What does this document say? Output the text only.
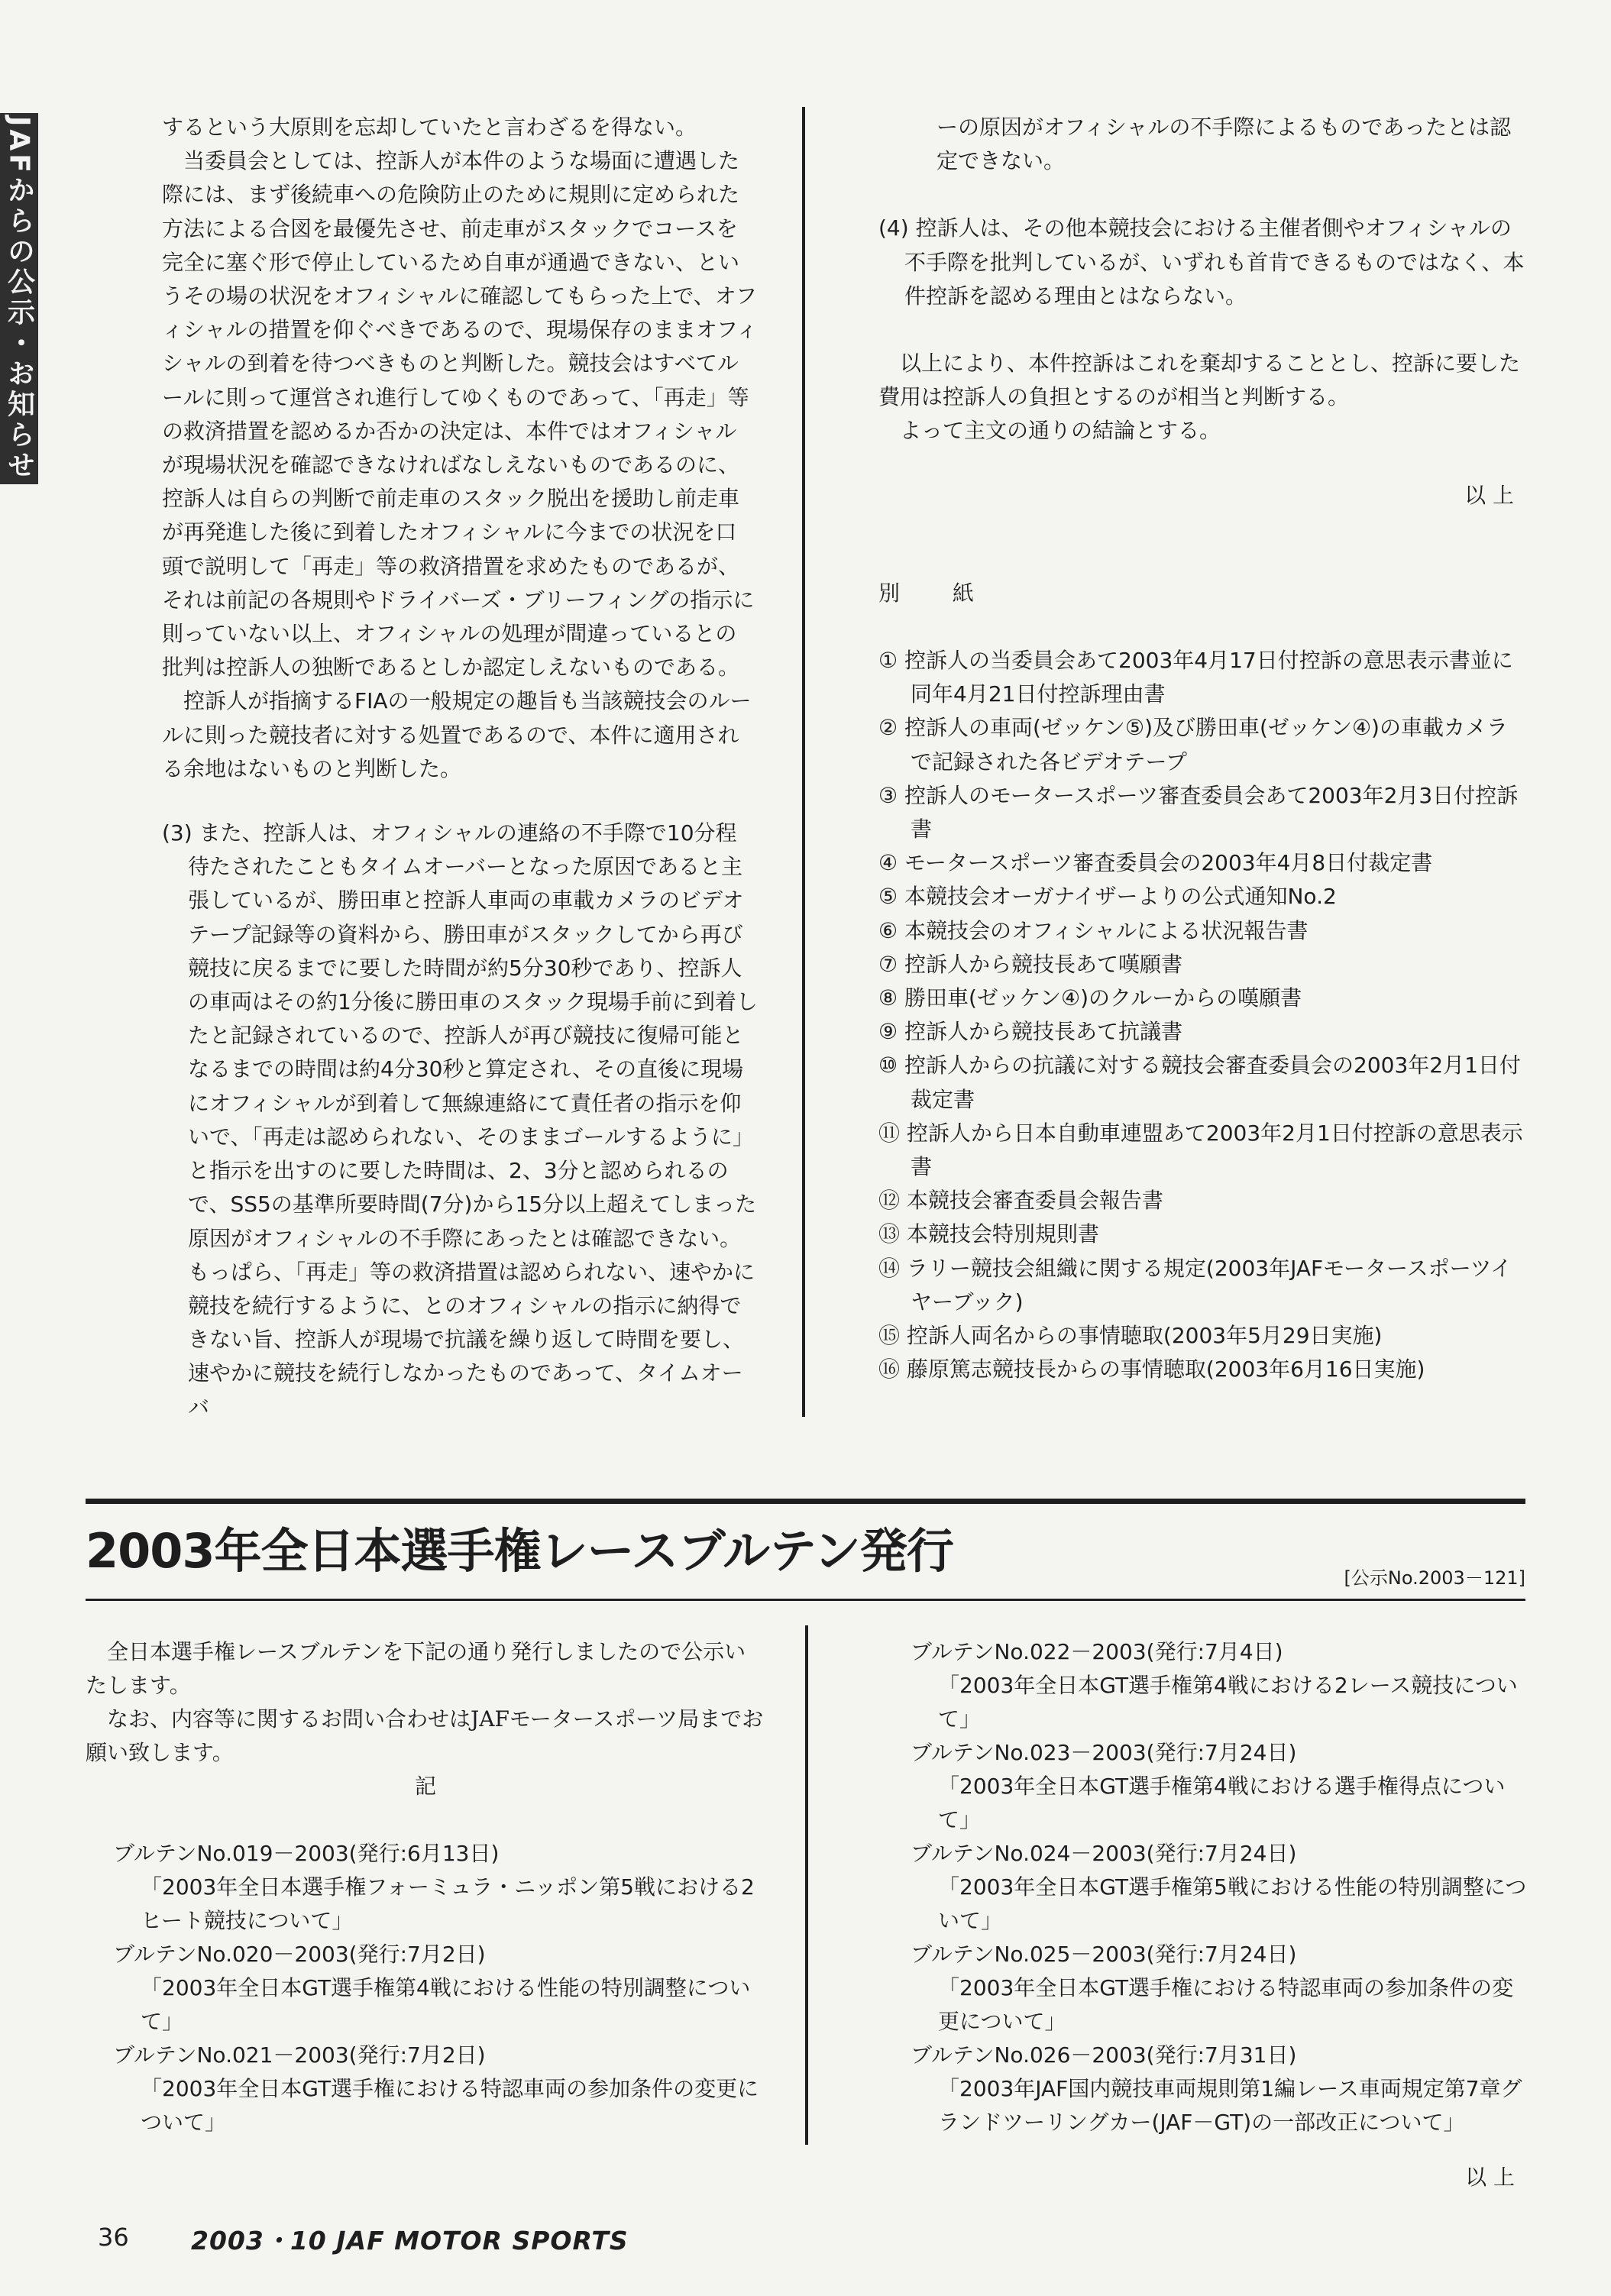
JAFからの公示・お知らせ	するという大原則を忘却していたと言わざるを得ない。

当委員会としては、控訴人が本件のような場面に遭遇した際には、まず後続車への危険防止のために規則に定められた方法による合図を最優先させ、前走車がスタックでコースを完全に塞ぐ形で停止しているため自車が通過できない、というその場の状況をオフィシャルに確認してもらった上で、オフィシャルの措置を仰ぐべきであるので、現場保存のままオフィシャルの到着を待つべきものと判断した。競技会はすべてルールに則って運営され進行してゆくものであって、「再走」等の救済措置を認めるか否かの決定は、本件ではオフィシャルが現場状況を確認できなければなしえないものであるのに、控訴人は自らの判断で前走車のスタック脱出を援助し前走車が再発進した後に到着したオフィシャルに今までの状況を口頭で説明して「再走」等の救済措置を求めたものであるが、それは前記の各規則やドライバーズ・ブリーフィングの指示に則っていない以上、オフィシャルの処理が間違っているとの批判は控訴人の独断であるとしか認定しえないものである。

控訴人が指摘するFIAの一般規定の趣旨も当該競技会のルールに則った競技者に対する処置であるので、本件に適用される余地はないものと判断した。

(3) また、控訴人は、オフィシャルの連絡の不手際で10分程待たされたこともタイムオーバーとなった原因であると主張しているが、勝田車と控訴人車両の車載カメラのビデオテープ記録等の資料から、勝田車がスタックしてから再び競技に戻るまでに要した時間が約5分30秒であり、控訴人の車両はその約1分後に勝田車のスタック現場手前に到着したと記録されているので、控訴人が再び競技に復帰可能となるまでの時間は約4分30秒と算定され、その直後に現場にオフィシャルが到着して無線連絡にて責任者の指示を仰いで、「再走は認められない、そのままゴールするように」と指示を出すのに要した時間は、2、3分と認められるので、SS5の基準所要時間(7分)から15分以上超えてしまった原因がオフィシャルの不手際にあったとは確認できない。もっぱら、「再走」等の救済措置は認められない、速やかに競技を続行するように、とのオフィシャルの指示に納得できない旨、控訴人が現場で抗議を繰り返して時間を要し、速やかに競技を続行しなかったものであって、タイムオーバ

ーの原因がオフィシャルの不手際によるものであったとは認定できない。

(4) 控訴人は、その他本競技会における主催者側やオフィシャルの不手際を批判しているが、いずれも首肯できるものではなく、本件控訴を認める理由とはならない。

以上により、本件控訴はこれを棄却することとし、控訴に要した費用は控訴人の負担とするのが相当と判断する。

よって主文の通りの結論とする。

以 上

別 紙

① 控訴人の当委員会あて2003年4月17日付控訴の意思表示書並に同年4月21日付控訴理由書
② 控訴人の車両(ゼッケン⑤)及び勝田車(ゼッケン④)の車載カメラで記録された各ビデオテープ
③ 控訴人のモータースポーツ審査委員会あて2003年2月3日付控訴書
④ モータースポーツ審査委員会の2003年4月8日付裁定書
⑤ 本競技会オーガナイザーよりの公式通知No.2
⑥ 本競技会のオフィシャルによる状況報告書
⑦ 控訴人から競技長あて嘆願書
⑧ 勝田車(ゼッケン④)のクルーからの嘆願書
⑨ 控訴人から競技長あて抗議書
⑩ 控訴人からの抗議に対する競技会審査委員会の2003年2月1日付裁定書
⑪ 控訴人から日本自動車連盟あて2003年2月1日付控訴の意思表示書
⑫ 本競技会審査委員会報告書
⑬ 本競技会特別規則書
⑭ ラリー競技会組織に関する規定(2003年JAFモータースポーツイヤーブック)
⑮ 控訴人両名からの事情聴取(2003年5月29日実施)
⑯ 藤原篤志競技長からの事情聴取(2003年6月16日実施)
2003年全日本選手権レースブルテン発行	[公示No.2003－121]

全日本選手権レースブルテンを下記の通り発行しましたので公示いたします。

なお、内容等に関するお問い合わせはJAFモータースポーツ局までお願い致します。

記

ブルテンNo.019－2003(発行:6月13日)
「2003年全日本選手権フォーミュラ・ニッポン第5戦における2ヒート競技について」

ブルテンNo.020－2003(発行:7月2日)
「2003年全日本GT選手権第4戦における性能の特別調整について」

ブルテンNo.021－2003(発行:7月2日)
「2003年全日本GT選手権における特認車両の参加条件の変更について」

ブルテンNo.022－2003(発行:7月4日)
「2003年全日本GT選手権第4戦における2レース競技について」

ブルテンNo.023－2003(発行:7月24日)
「2003年全日本GT選手権第4戦における選手権得点について」

ブルテンNo.024－2003(発行:7月24日)
「2003年全日本GT選手権第5戦における性能の特別調整について」

ブルテンNo.025－2003(発行:7月24日)
「2003年全日本GT選手権における特認車両の参加条件の変更について」

ブルテンNo.026－2003(発行:7月31日)
「2003年JAF国内競技車両規則第1編レース車両規定第7章グランドツーリングカー(JAF－GT)の一部改正について」

以 上

36 2003・10 JAF MOTOR SPORTS
